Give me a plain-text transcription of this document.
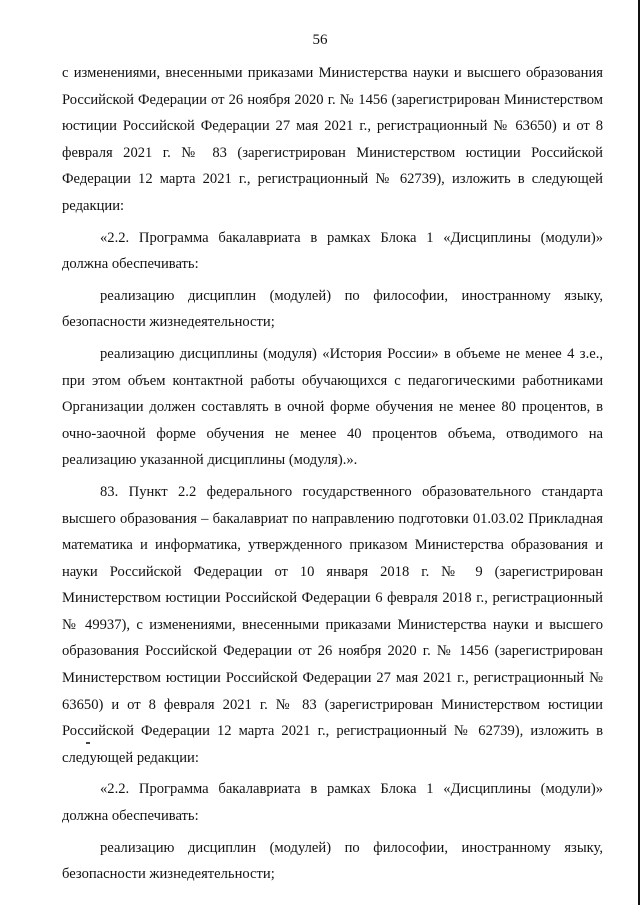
56

с изменениями, внесенными приказами Министерства науки и высшего образования Российской Федерации от 26 ноября 2020 г. № 1456 (зарегистрирован Министерством юстиции Российской Федерации 27 мая 2021 г., регистрационный № 63650) и от 8 февраля 2021 г. № 83 (зарегистрирован Министерством юстиции Российской Федерации 12 марта 2021 г., регистрационный № 62739), изложить в следующей редакции:

«2.2. Программа бакалавриата в рамках Блока 1 «Дисциплины (модули)» должна обеспечивать:

реализацию дисциплин (модулей) по философии, иностранному языку, безопасности жизнедеятельности;

реализацию дисциплины (модуля) «История России» в объеме не менее 4 з.е., при этом объем контактной работы обучающихся с педагогическими работниками Организации должен составлять в очной форме обучения не менее 80 процентов, в очно-заочной форме обучения не менее 40 процентов объема, отводимого на реализацию указанной дисциплины (модуля).».

83. Пункт 2.2 федерального государственного образовательного стандарта высшего образования – бакалавриат по направлению подготовки 01.03.02 Прикладная математика и информатика, утвержденного приказом Министерства образования и науки Российской Федерации от 10 января 2018 г. № 9 (зарегистрирован Министерством юстиции Российской Федерации 6 февраля 2018 г., регистрационный № 49937), с изменениями, внесенными приказами Министерства науки и высшего образования Российской Федерации от 26 ноября 2020 г. № 1456 (зарегистрирован Министерством юстиции Российской Федерации 27 мая 2021 г., регистрационный № 63650) и от 8 февраля 2021 г. № 83 (зарегистрирован Министерством юстиции Российской Федерации 12 марта 2021 г., регистрационный № 62739), изложить в следующей редакции:

«2.2. Программа бакалавриата в рамках Блока 1 «Дисциплины (модули)» должна обеспечивать:

реализацию дисциплин (модулей) по философии, иностранному языку, безопасности жизнедеятельности;
